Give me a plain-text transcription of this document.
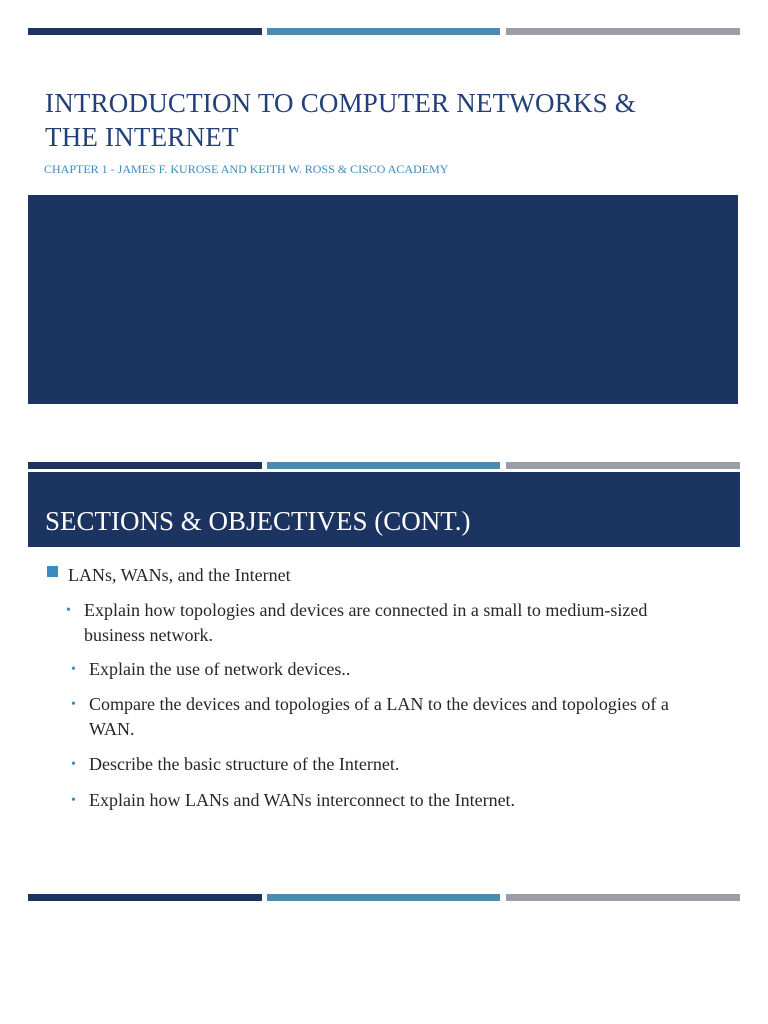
INTRODUCTION TO COMPUTER NETWORKS &
THE INTERNET
CHAPTER 1 - JAMES F. KUROSE AND KEITH W. ROSS & CISCO ACADEMY
SECTIONS & OBJECTIVES (CONT.)
LANs, WANs, and the Internet
• Explain how topologies and devices are connected in a small to medium-sized business network.
• Explain the use of network devices..
• Compare the devices and topologies of a LAN to the devices and topologies of a WAN.
• Describe the basic structure of the Internet.
• Explain how LANs and WANs interconnect to the Internet.
